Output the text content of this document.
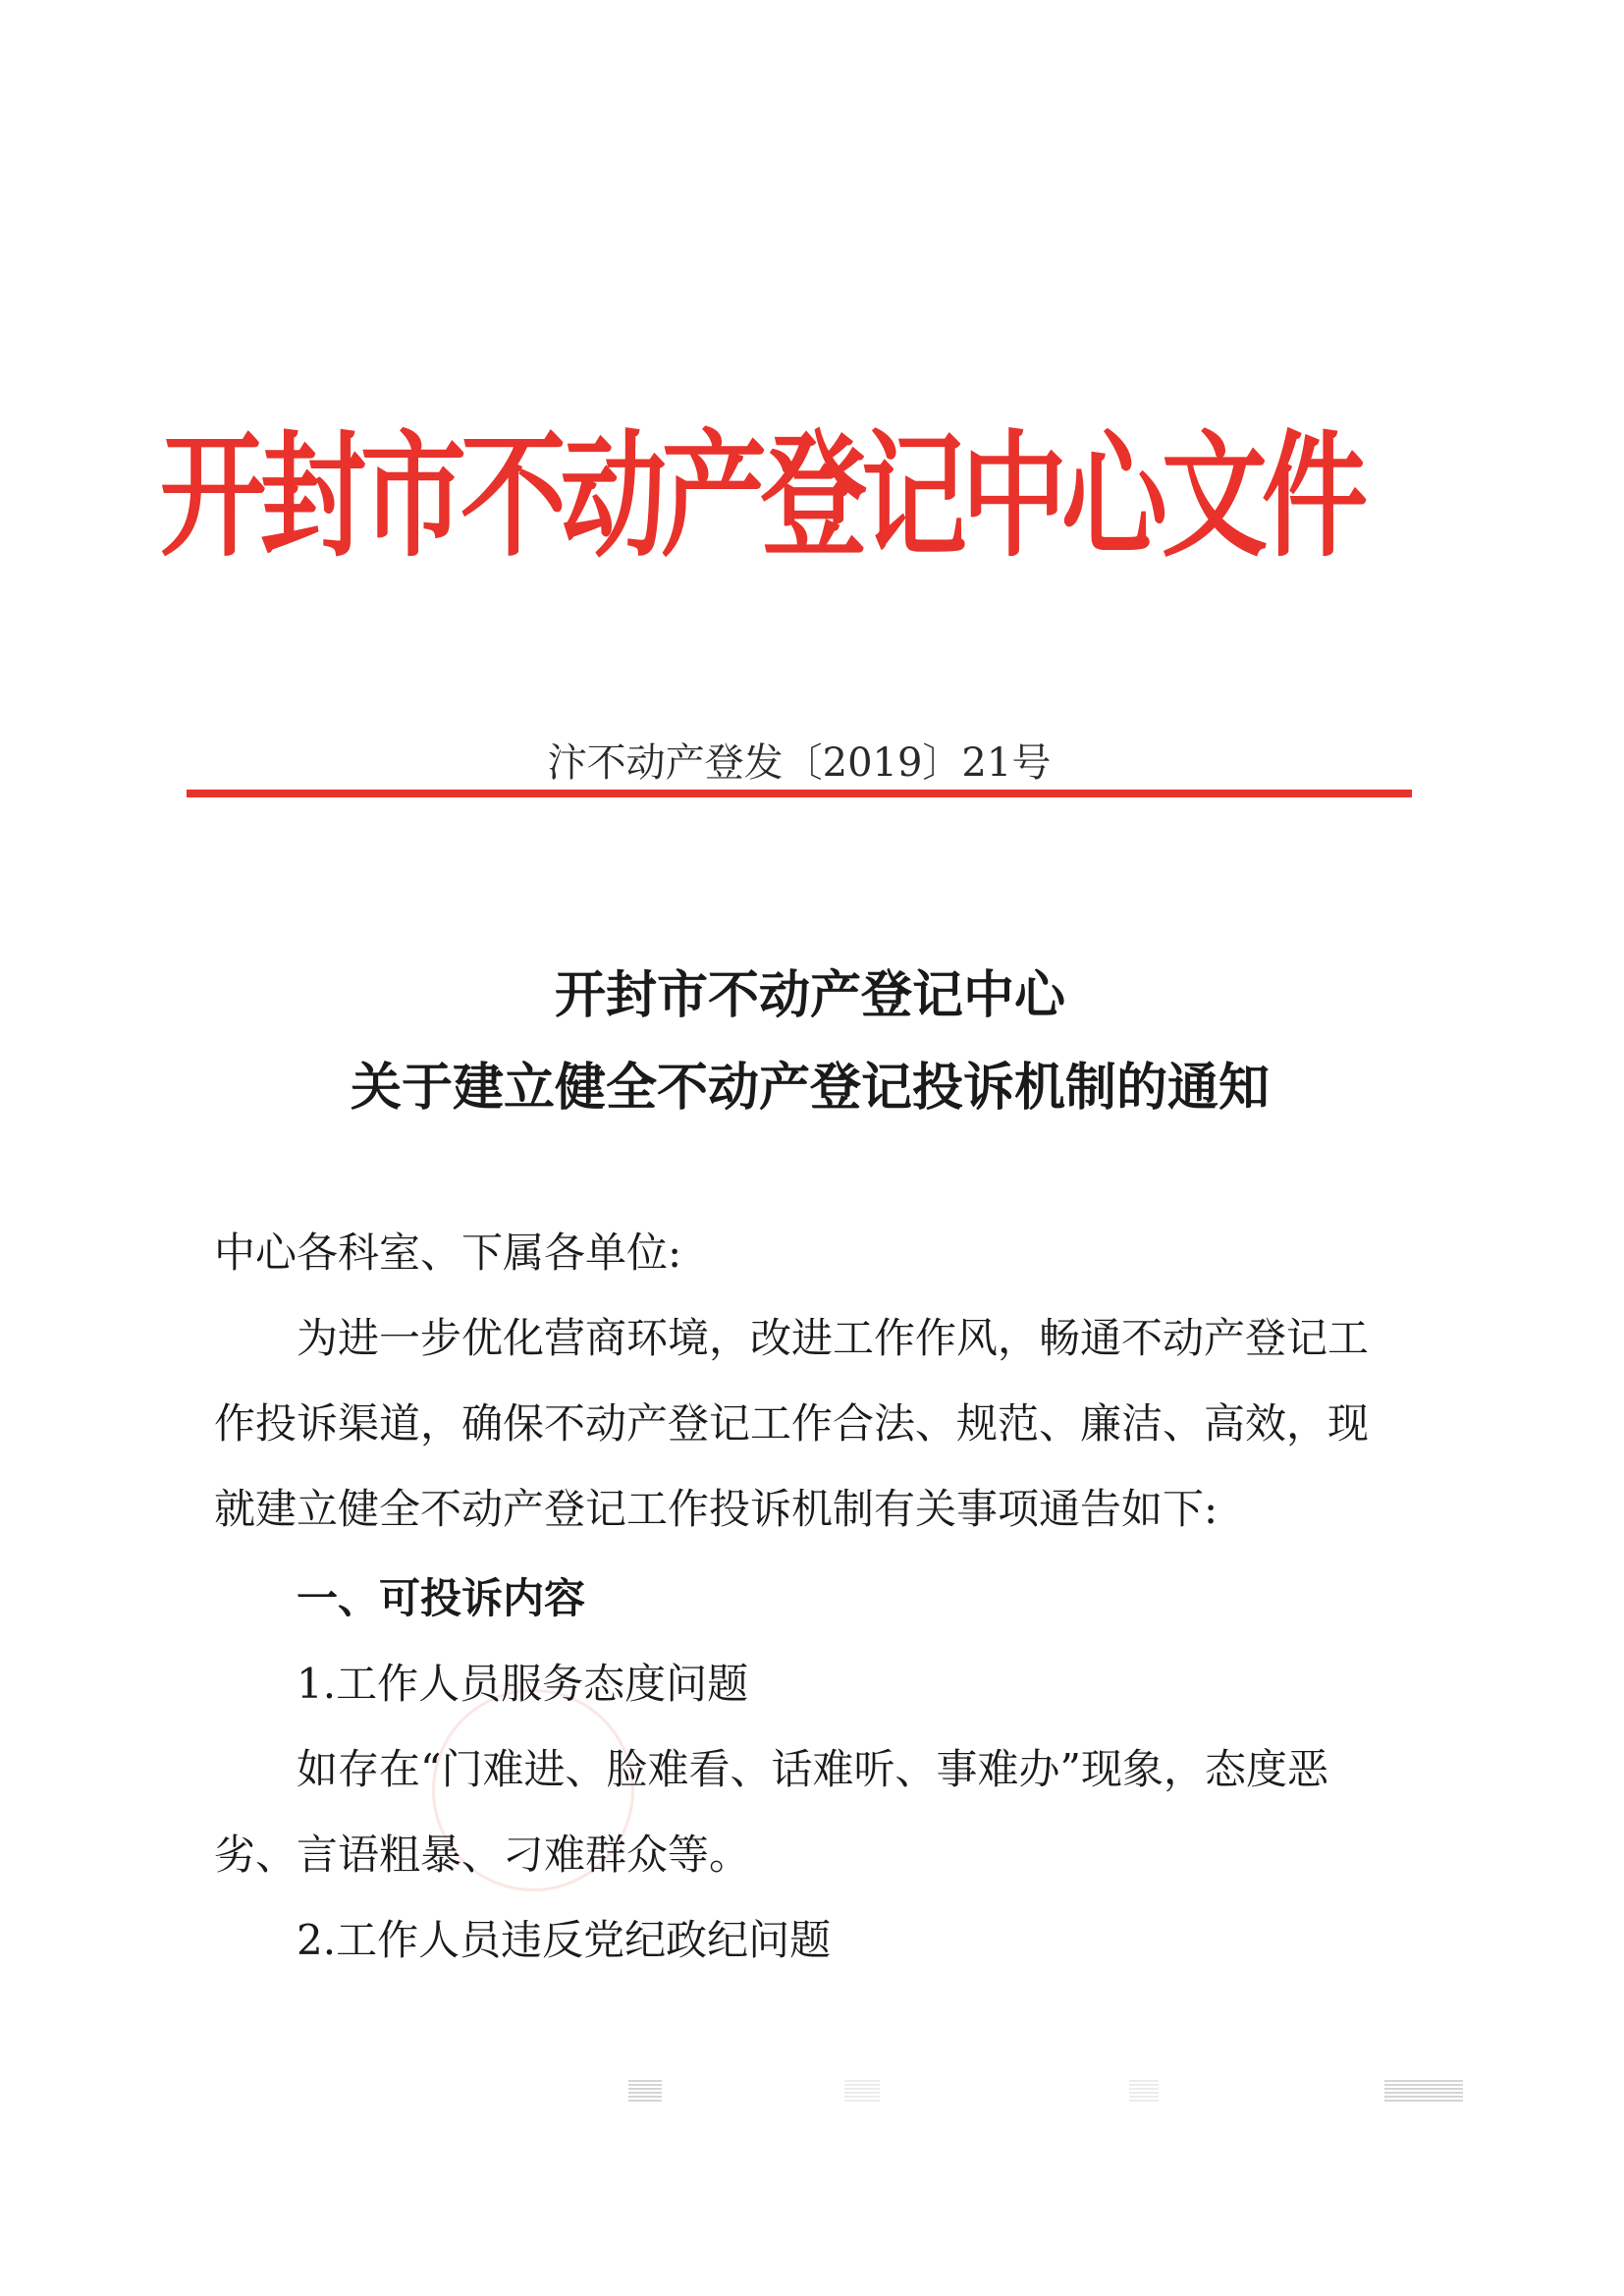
开封市不动产登记中心文件
汴不动产登发〔2019〕21号
开封市不动产登记中心
关于建立健全不动产登记投诉机制的通知
中心各科室、下属各单位:
为进一步优化营商环境，改进工作作风，畅通不动产登记工
作投诉渠道，确保不动产登记工作合法、规范、廉洁、高效，现
就建立健全不动产登记工作投诉机制有关事项通告如下:
一、可投诉内容
1.工作人员服务态度问题
如存在“门难进、脸难看、话难听、事难办”现象，态度恶
劣、言语粗暴、刁难群众等。
2.工作人员违反党纪政纪问题
